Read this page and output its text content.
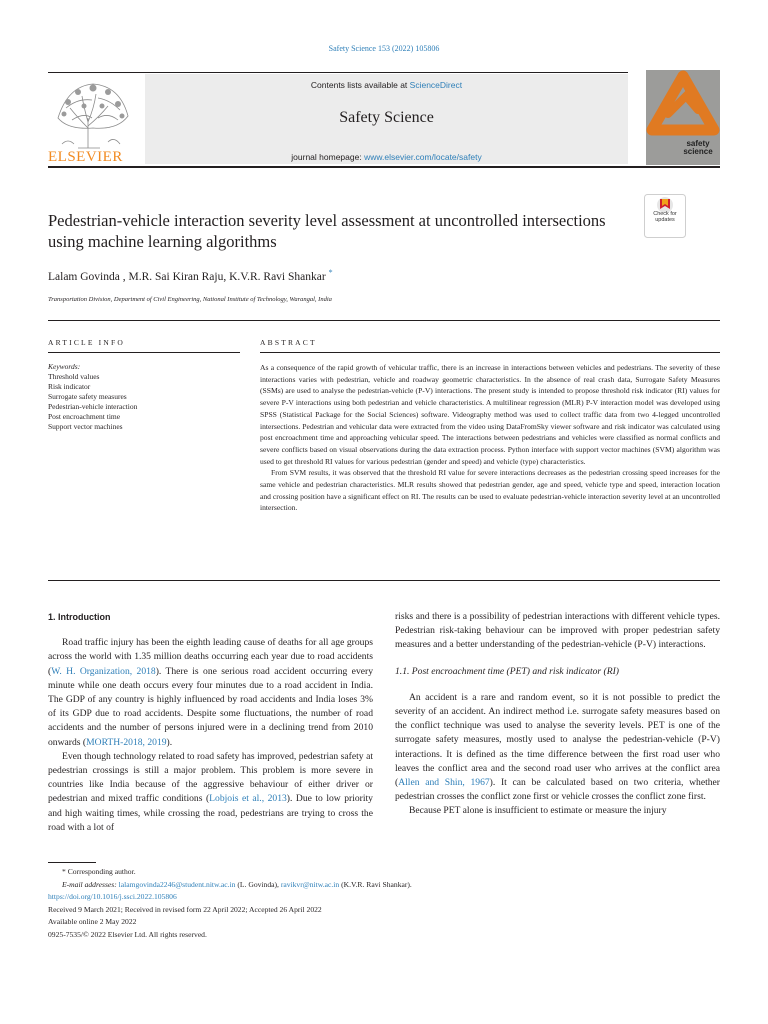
Safety Science 153 (2022) 105806
ELSEVIER
Contents lists available at ScienceDirect
Safety Science
journal homepage: www.elsevier.com/locate/safety
safety
science
Pedestrian-vehicle interaction severity level assessment at uncontrolled intersections using machine learning algorithms
Check for updates
Lalam Govinda , M.R. Sai Kiran Raju, K.V.R. Ravi Shankar *
Transportation Division, Department of Civil Engineering, National Institute of Technology, Warangal, India
ARTICLE INFO
Keywords:
Threshold values
Risk indicator
Surrogate safety measures
Pedestrian-vehicle interaction
Post encroachment time
Support vector machines
ABSTRACT

As a consequence of the rapid growth of vehicular traffic, there is an increase in interactions between vehicles and pedestrians. The severity of these interactions varies with pedestrian, vehicle and roadway geometric characteristics. In the absence of real crash data, Surrogate Safety Measures (SSMs) are used to analyse the pedestrian-vehicle (P-V) interactions. The present study is intended to propose threshold risk indicator (RI) values for severe P-V interactions using both pedestrian and vehicle characteristics. A multilinear regression (MLR) P-V interaction model was developed using SPSS (Statistical Package for the Social Sciences) software. Videography method was used to collect traffic data from two 4-legged uncontrolled intersections. Pedestrian and vehicular data were extracted from the video using DataFromSky viewer software and risk indicator was calculated using post encroachment time and approaching vehicular speed. The interactions between pedestrians and vehicles were classified as normal conflicts and severe conflicts based on visual observations during the data extraction process. Python interface with support vector machines (SVM) algorithm was used to get threshold RI values for various pedestrian (gender and speed) and vehicle (type) characteristics.

From SVM results, it was observed that the threshold RI value for severe interactions decreases as the pedestrian crossing speed increases for the same vehicle and pedestrian characteristics. MLR results showed that pedestrian gender, age and speed, vehicle type and speed, interaction location and crossing position have a significant effect on RI. The results can be used to evaluate pedestrian-vehicle interaction severity level at an uncontrolled intersection.

1. Introduction

Road traffic injury has been the eighth leading cause of deaths for all age groups across the world with 1.35 million deaths occurring each year due to road accidents (W. H. Organization, 2018). There is one serious road accident occurring every minute while one death occurs every four minutes due to a road accident in India. The GDP of any country is highly influenced by road accidents and India loses 3% of its GDP due to road accidents. Despite some fluctuations, the number of road accidents and the number of persons injured were in a declining trend from 2010 onwards (MORTH-2018, 2019).

Even though technology related to road safety has improved, pedestrian safety at pedestrian crossings is still a major problem. This problem is more severe in countries like India because of the aggressive behaviour of either driver or pedestrian and mixed traffic conditions (Lobjois et al., 2013). Due to low priority and high waiting times, while crossing the road, pedestrians are trying to cross the road with a lot of

risks and there is a possibility of pedestrian interactions with different vehicle types. Pedestrian risk-taking behaviour can be improved with proper pedestrian safety measures and a better understanding of the pedestrian-vehicle (P-V) interactions.

1.1. Post encroachment time (PET) and risk indicator (RI)

An accident is a rare and random event, so it is not possible to predict the severity of an accident. An indirect method i.e. surrogate safety measures based on the conflict technique was used to analyse the severity levels. PET is one of the surrogate safety measures, mostly used to analyse the pedestrian-vehicle (P-V) interactions. It is defined as the time difference between the first road user who leaves the conflict area and the second road user who arrives at the conflict area (Allen and Shin, 1967). It can be calculated based on two criteria, whether pedestrian crosses the conflict zone first or vehicle crosses the conflict zone first.

Because PET alone is insufficient to estimate or measure the injury

* Corresponding author.
E-mail addresses: lalamgovinda2246@student.nitw.ac.in (L. Govinda), ravikvr@nitw.ac.in (K.V.R. Ravi Shankar).
https://doi.org/10.1016/j.ssci.2022.105806
Received 9 March 2021; Received in revised form 22 April 2022; Accepted 26 April 2022
Available online 2 May 2022
0925-7535/© 2022 Elsevier Ltd. All rights reserved.
